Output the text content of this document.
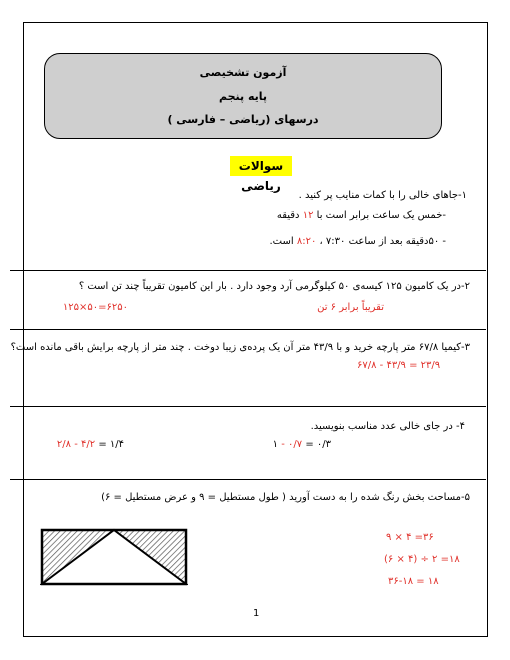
آزمون تشخیصی
پایه پنجم
درسهای (ریاضی – فارسی )
سوالات ریاضی
۱-جاهای خالی را با کمات منایب پر کنید .
-خمس یک ساعت برابر است با ۱۲ دقیقه
- ۵۰دقیقه بعد از ساعت ۷:۳۰ ، ۸:۲۰ است.
۲-در یک کامیون ۱۲۵ کیسه‌ی ۵۰ کیلوگرمی آرد وجود دارد . بار این کامیون تقریباً چند تن است ؟
تقریباً برابر ۶ تن
۶۲۵۰=۵۰×۱۲۵
۳-کیمیا ۶۷/۸ متر پارچه خرید و با ۴۳/۹ متر آن یک پرده‌ی زیبا دوخت . چند متر از پارچه برایش باقی مانده است؟
۶۷/۸ - ۴۳/۹ = ۲۳/۹
۴- در جای خالی عدد مناسب بنویسید.
۰/۳ = ۰/۷ - ۱
۱/۴ = ۴/۲ - ۲/۸
۵-مساحت بخش رنگ شده را به دست آورید ( طول مستطیل = ۹ و عرض مستطیل = ۶)
۹ × ۴ =۳۶
(۶ × ۴) ÷ ۲ =۱۸
۳۶-۱۸ = ۱۸
1
